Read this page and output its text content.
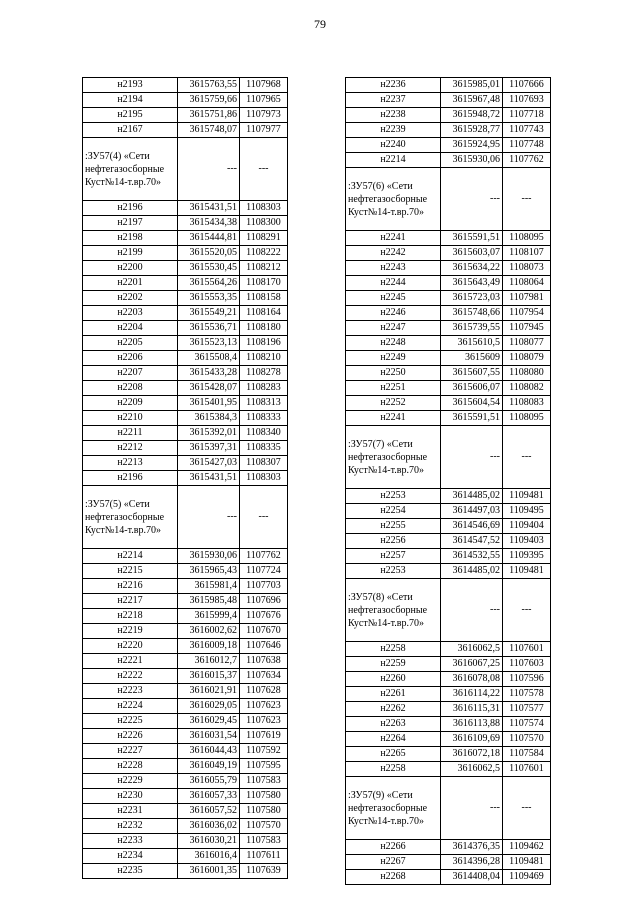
79
н2193	3615763,55	1107968
н2194	3615759,66	1107965
н2195	3615751,86	1107973
н2167	3615748,07	1107977
:ЗУ57(4) «Сети нефтегазосборные Куст№14-т.вр.70»	---	---
н2196	3615431,51	1108303
н2197	3615434,38	1108300
н2198	3615444,81	1108291
н2199	3615520,05	1108222
н2200	3615530,45	1108212
н2201	3615564,26	1108170
н2202	3615553,35	1108158
н2203	3615549,21	1108164
н2204	3615536,71	1108180
н2205	3615523,13	1108196
н2206	3615508,4	1108210
н2207	3615433,28	1108278
н2208	3615428,07	1108283
н2209	3615401,95	1108313
н2210	3615384,3	1108333
н2211	3615392,01	1108340
н2212	3615397,31	1108335
н2213	3615427,03	1108307
н2196	3615431,51	1108303
:ЗУ57(5) «Сети нефтегазосборные Куст№14-т.вр.70»	---	---
н2214	3615930,06	1107762
н2215	3615965,43	1107724
н2216	3615981,4	1107703
н2217	3615985,48	1107696
н2218	3615999,4	1107676
н2219	3616002,62	1107670
н2220	3616009,18	1107646
н2221	3616012,7	1107638
н2222	3616015,37	1107634
н2223	3616021,91	1107628
н2224	3616029,05	1107623
н2225	3616029,45	1107623
н2226	3616031,54	1107619
н2227	3616044,43	1107592
н2228	3616049,19	1107595
н2229	3616055,79	1107583
н2230	3616057,33	1107580
н2231	3616057,52	1107580
н2232	3616036,02	1107570
н2233	3616030,21	1107583
н2234	3616016,4	1107611
н2235	3616001,35	1107639
н2236	3615985,01	1107666
н2237	3615967,48	1107693
н2238	3615948,72	1107718
н2239	3615928,77	1107743
н2240	3615924,95	1107748
н2214	3615930,06	1107762
:ЗУ57(6) «Сети нефтегазосборные Куст№14-т.вр.70»	---	---
н2241	3615591,51	1108095
н2242	3615603,07	1108107
н2243	3615634,22	1108073
н2244	3615643,49	1108064
н2245	3615723,03	1107981
н2246	3615748,66	1107954
н2247	3615739,55	1107945
н2248	3615610,5	1108077
н2249	3615609	1108079
н2250	3615607,55	1108080
н2251	3615606,07	1108082
н2252	3615604,54	1108083
н2241	3615591,51	1108095
:ЗУ57(7) «Сети нефтегазосборные Куст№14-т.вр.70»	---	---
н2253	3614485,02	1109481
н2254	3614497,03	1109495
н2255	3614546,69	1109404
н2256	3614547,52	1109403
н2257	3614532,55	1109395
н2253	3614485,02	1109481
:ЗУ57(8) «Сети нефтегазосборные Куст№14-т.вр.70»	---	---
н2258	3616062,5	1107601
н2259	3616067,25	1107603
н2260	3616078,08	1107596
н2261	3616114,22	1107578
н2262	3616115,31	1107577
н2263	3616113,88	1107574
н2264	3616109,69	1107570
н2265	3616072,18	1107584
н2258	3616062,5	1107601
:ЗУ57(9) «Сети нефтегазосборные Куст№14-т.вр.70»	---	---
н2266	3614376,35	1109462
н2267	3614396,28	1109481
н2268	3614408,04	1109469
